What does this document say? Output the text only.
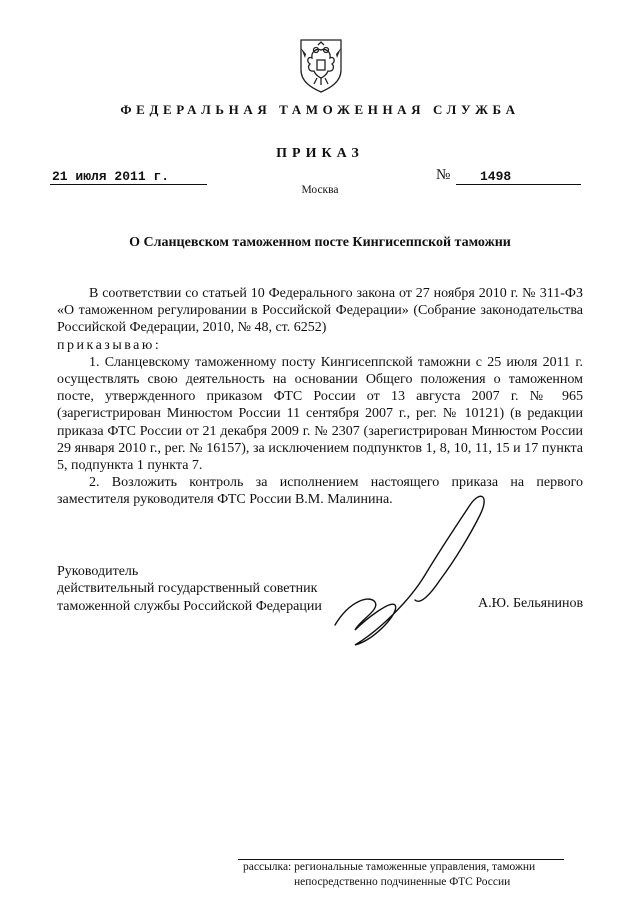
ФЕДЕРАЛЬНАЯ ТАМОЖЕННАЯ СЛУЖБА
ПРИКАЗ
21 июля 2011 г.	№	1498
Москва
О Сланцевском таможенном посте Кингисеппской таможни

В соответствии со статьей 10 Федерального закона от 27 ноября 2010 г. № 311-ФЗ «О таможенном регулировании в Российской Федерации» (Собрание законодательства Российской Федерации, 2010, № 48, ст. 6252)

приказываю:

1. Сланцевскому таможенному посту Кингисеппской таможни с 25 июля 2011 г. осуществлять свою деятельность на основании Общего положения о таможенном посте, утвержденного приказом ФТС России от 13 августа 2007 г. № 965 (зарегистрирован Минюстом России 11 сентября 2007 г., рег. № 10121) (в редакции приказа ФТС России от 21 декабря 2009 г. № 2307 (зарегистрирован Минюстом России 29 января 2010 г., рег. № 16157), за исключением подпунктов 1, 8, 10, 11, 15 и 17 пункта 5, подпункта 1 пункта 7.

2. Возложить контроль за исполнением настоящего приказа на первого заместителя руководителя ФТС России В.М. Малинина.

Руководитель
действительный государственный советник
таможенной службы Российской Федерации	А.Ю. Бельянинов
рассылка: региональные таможенные управления, таможни
непосредственно подчиненные ФТС России
